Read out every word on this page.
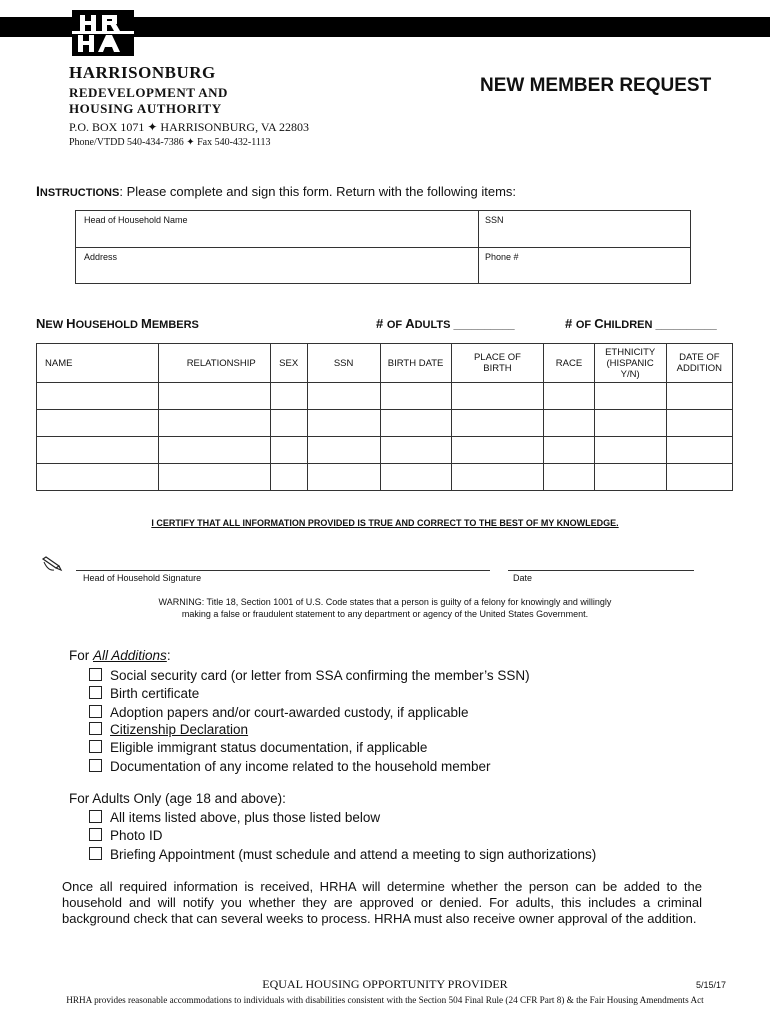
HARRISONBURG
REDEVELOPMENT AND
HOUSING AUTHORITY
P.O. BOX 1071 ✦ HARRISONBURG, VA 22803
Phone/VTDD 540-434-7386 ✦ Fax 540-432-1113
NEW MEMBER REQUEST
INSTRUCTIONS: Please complete and sign this form. Return with the following items:
Head of Household Name	SSN
Address	Phone #
NEW HOUSEHOLD MEMBERS	# OF ADULTS __________	# OF CHILDREN __________
NAME	RELATIONSHIP	SEX	SSN	BIRTH DATE	PLACE OF BIRTH	RACE	ETHNICITY (HISPANIC Y/N)	DATE OF ADDITION

I CERTIFY THAT ALL INFORMATION PROVIDED IS TRUE AND CORRECT TO THE BEST OF MY KNOWLEDGE.
Head of Household Signature	Date
WARNING: Title 18, Section 1001 of U.S. Code states that a person is guilty of a felony for knowingly and willingly
making a false or fraudulent statement to any department or agency of the United States Government.
For All Additions:
Social security card (or letter from SSA confirming the member’s SSN)
Birth certificate
Adoption papers and/or court-awarded custody, if applicable
Citizenship Declaration
Eligible immigrant status documentation, if applicable
Documentation of any income related to the household member
For Adults Only (age 18 and above):
All items listed above, plus those listed below
Photo ID
Briefing Appointment (must schedule and attend a meeting to sign authorizations)
Once all required information is received, HRHA will determine whether the person can be added to the household and will notify you whether they are approved or denied. For adults, this includes a criminal background check that can several weeks to process. HRHA must also receive owner approval of the addition.
EQUAL HOUSING OPPORTUNITY PROVIDER	5/15/17
HRHA provides reasonable accommodations to individuals with disabilities consistent with the Section 504 Final Rule (24 CFR Part 8) & the Fair Housing Amendments Act
